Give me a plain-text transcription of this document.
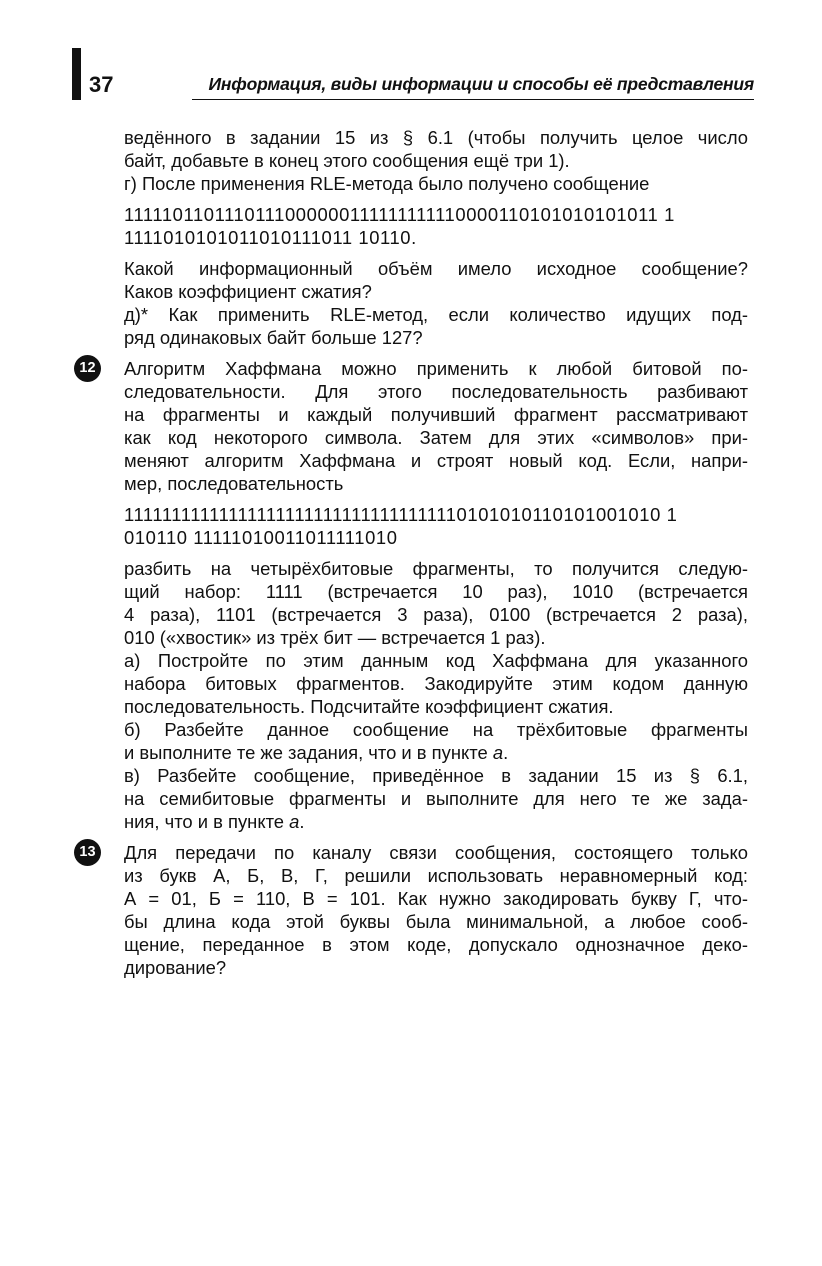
37	Информация, виды информации и способы её представления
ведённого в задании 15 из § 6.1 (чтобы получить целое число
байт, добавьте в конец этого сообщения ещё три 1).
г) После применения RLE-метода было получено сообщение
1111101101110111000000111111111110000110101010101011 1
1111010101011010111011 10110.
Какой информационный объём имело исходное сообщение?
Каков коэффициент сжатия?
д)* Как применить RLE-метод, если количество идущих под-
ряд одинаковых байт больше 127?
12 Алгоритм Хаффмана можно применить к любой битовой по-
следовательности. Для этого последовательность разбивают
на фрагменты и каждый получивший фрагмент рассматривают
как код некоторого символа. Затем для этих «символов» при-
меняют алгоритм Хаффмана и строят новый код. Если, напри-
мер, последовательность
111111111111111111111111111111111110101010110101001010 1
010110 11111010011011111010
разбить на четырёхбитовые фрагменты, то получится следую-
щий набор: 1111 (встречается 10 раз), 1010 (встречается
4 раза), 1101 (встречается 3 раза), 0100 (встречается 2 раза),
010 («хвостик» из трёх бит — встречается 1 раз).
а) Постройте по этим данным код Хаффмана для указанного
набора битовых фрагментов. Закодируйте этим кодом данную
последовательность. Подсчитайте коэффициент сжатия.
б) Разбейте данное сообщение на трёхбитовые фрагменты
и выполните те же задания, что и в пункте а.
в) Разбейте сообщение, приведённое в задании 15 из § 6.1,
на семибитовые фрагменты и выполните для него те же зада-
ния, что и в пункте а.
13 Для передачи по каналу связи сообщения, состоящего только
из букв А, Б, В, Г, решили использовать неравномерный код:
А = 01, Б = 110, В = 101. Как нужно закодировать букву Г, что-
бы длина кода этой буквы была минимальной, а любое сооб-
щение, переданное в этом коде, допускало однозначное деко-
дирование?
